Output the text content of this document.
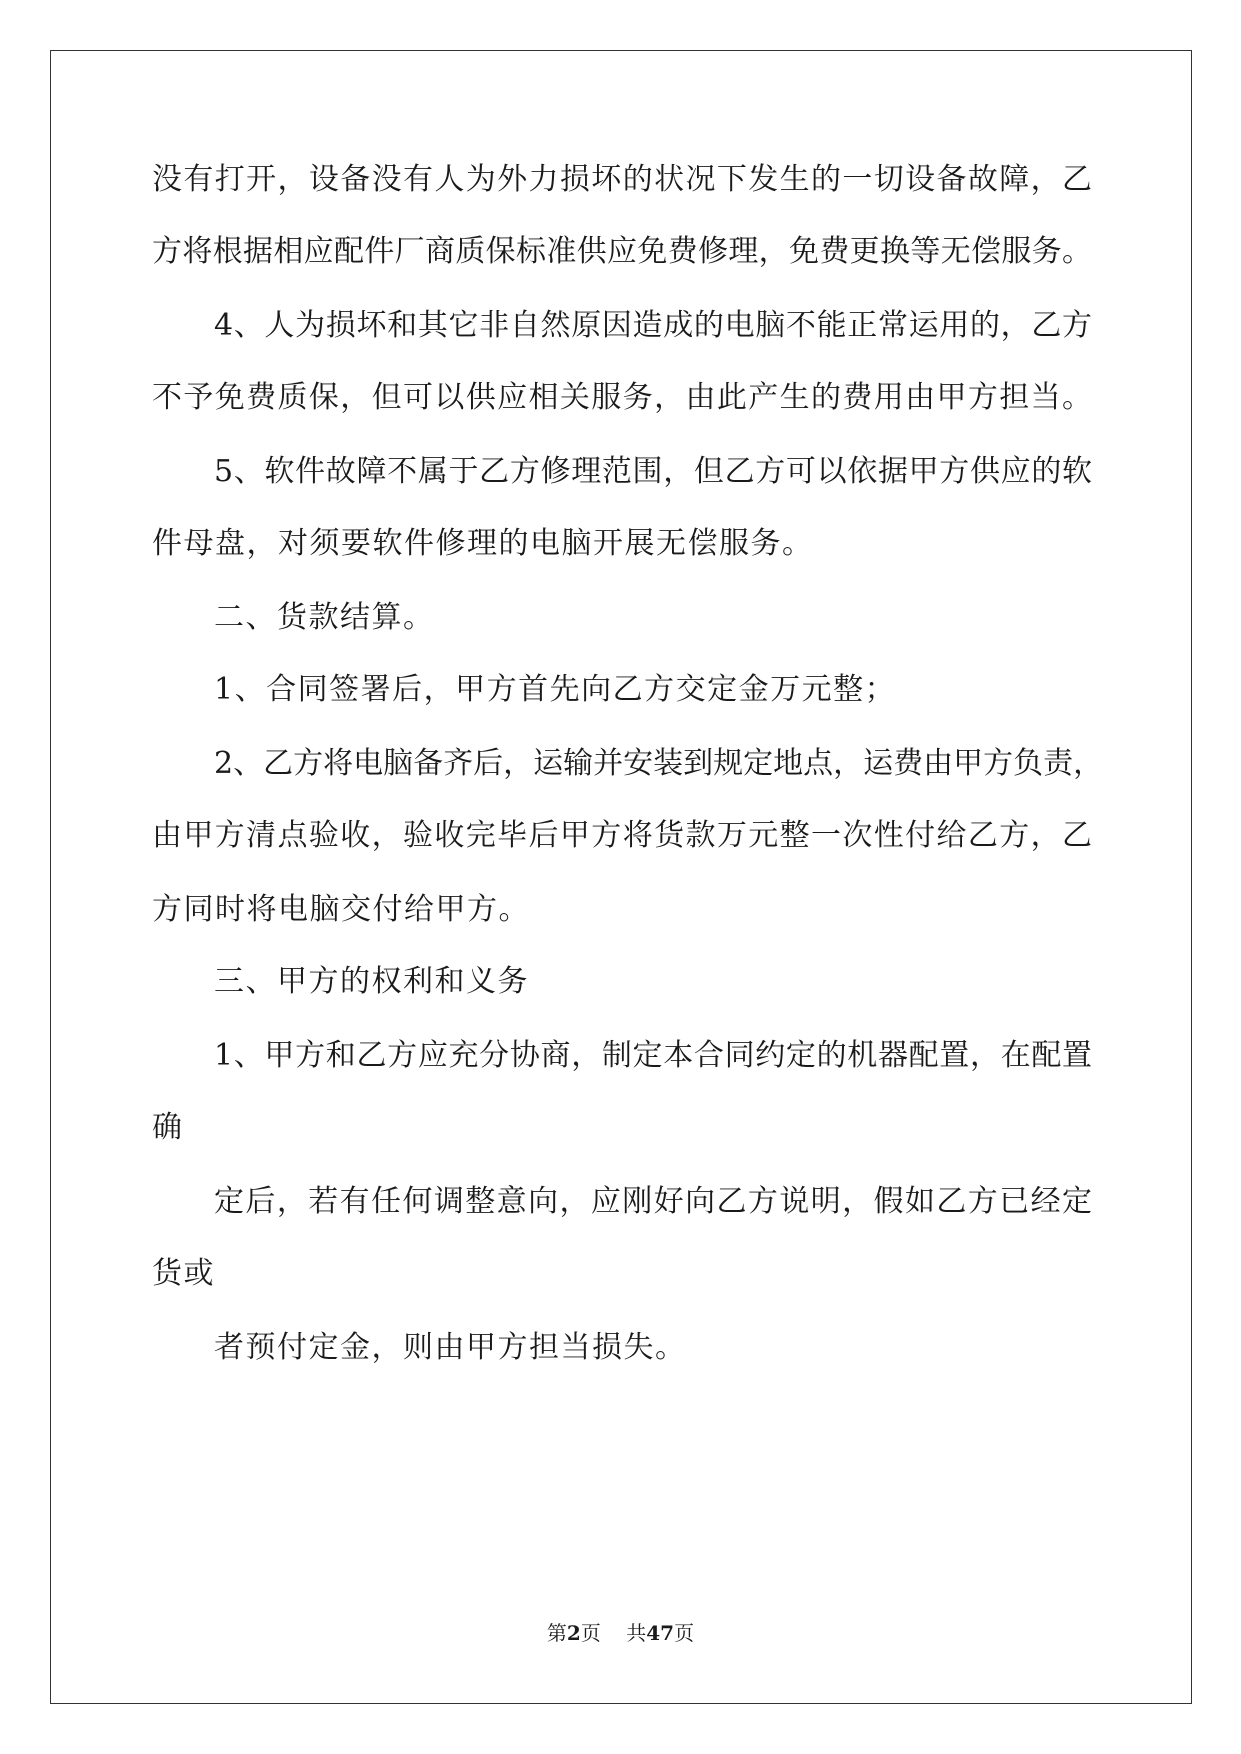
没有打开，设备没有人为外力损坏的状况下发生的一切设备故障，乙
方将根据相应配件厂商质保标准供应免费修理，免费更换等无偿服务。
4、人为损坏和其它非自然原因造成的电脑不能正常运用的，乙方
不予免费质保，但可以供应相关服务，由此产生的费用由甲方担当。
5、软件故障不属于乙方修理范围，但乙方可以依据甲方供应的软
件母盘，对须要软件修理的电脑开展无偿服务。
二、货款结算。
1、合同签署后，甲方首先向乙方交定金万元整；
2、乙方将电脑备齐后，运输并安装到规定地点，运费由甲方负责，
由甲方清点验收，验收完毕后甲方将货款万元整一次性付给乙方，乙
方同时将电脑交付给甲方。
三、甲方的权利和义务
1、甲方和乙方应充分协商，制定本合同约定的机器配置，在配置
确
定后，若有任何调整意向，应刚好向乙方说明，假如乙方已经定
货或
者预付定金，则由甲方担当损失。
第2页 共47页
